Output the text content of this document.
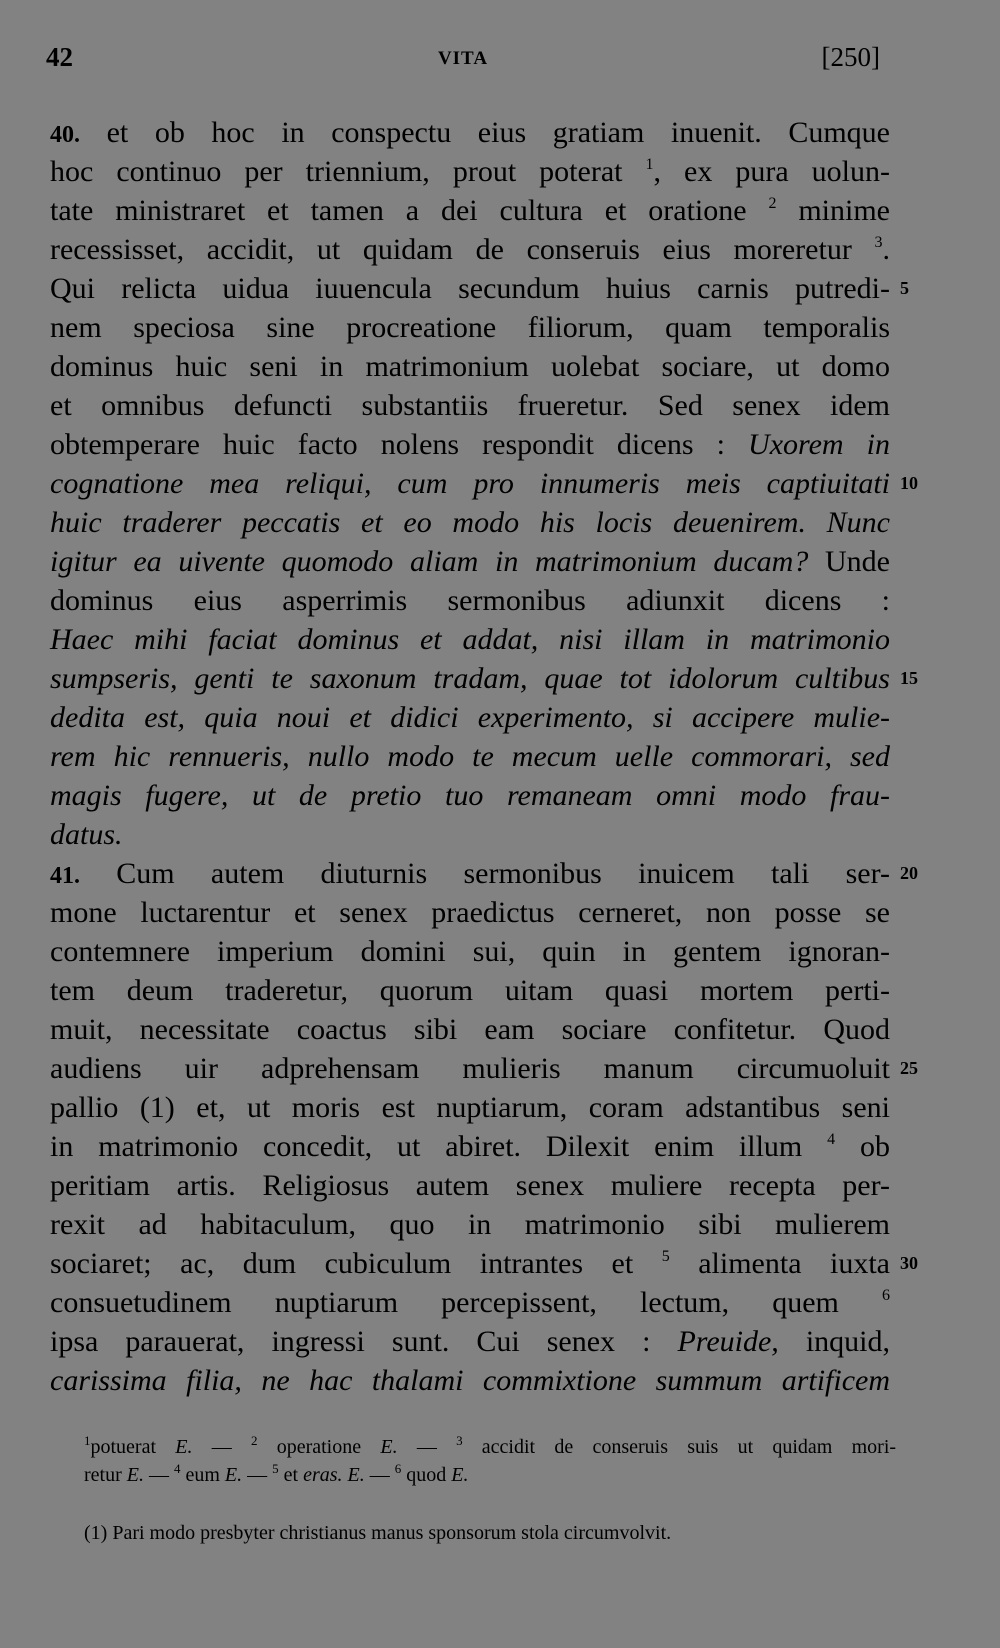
42	VITA	[250]
40. et ob hoc in conspectu eius gratiam inuenit. Cumque
hoc continuo per triennium, prout poterat $^1$, ex pura uolun-
tate ministraret et tamen a dei cultura et oratione $^2$ minime
recessisset, accidit, ut quidam de conseruis eius moreretur $^3$.
Qui relicta uidua iuuencula secundum huius carnis putredi- 5
nem speciosa sine procreatione filiorum, quam temporalis
dominus huic seni in matrimonium uolebat sociare, ut domo
et omnibus defuncti substantiis frueretur. Sed senex idem
obtemperare huic facto nolens respondit dicens : Uxorem in
cognatione mea reliqui, cum pro innumeris meis captiuitati 10
huic traderer peccatis et eo modo his locis deuenirem. Nunc
igitur ea uivente quomodo aliam in matrimonium ducam? Unde
dominus eius asperrimis sermonibus adiunxit dicens :
Haec mihi faciat dominus et addat, nisi illam in matrimonio
sumpseris, genti te saxonum tradam, quae tot idolorum cultibus 15
dedita est, quia noui et didici experimento, si accipere mulie-
rem hic rennueris, nullo modo te mecum uelle commorari, sed
magis fugere, ut de pretio tuo remaneam omni modo frau-
datus.
41. Cum autem diuturnis sermonibus inuicem tali ser- 20
mone luctarentur et senex praedictus cerneret, non posse se
contemnere imperium domini sui, quin in gentem ignoran-
tem deum traderetur, quorum uitam quasi mortem perti-
muit, necessitate coactus sibi eam sociare confitetur. Quod
audiens uir adprehensam mulieris manum circumuoluit 25
pallio (1) et, ut moris est nuptiarum, coram adstantibus seni
in matrimonio concedit, ut abiret. Dilexit enim illum $^4$ ob
peritiam artis. Religiosus autem senex muliere recepta per-
rexit ad habitaculum, quo in matrimonio sibi mulierem
sociaret; ac, dum cubiculum intrantes et $^5$ alimenta iuxta 30
consuetudinem nuptiarum percepissent, lectum, quem $^6$
ipsa parauerat, ingressi sunt. Cui senex : Preuide, inquid,
carissima filia, ne hac thalami commixtione summum artificem
$^1$potuerat E. — $^2$ operatione E. — $^3$ accidit de conseruis suis ut quidam mori-
retur E. — $^4$ eum E. — $^5$ et eras. E. — $^6$ quod E.
(1) Pari modo presbyter christianus manus sponsorum stola circumvolvit.
